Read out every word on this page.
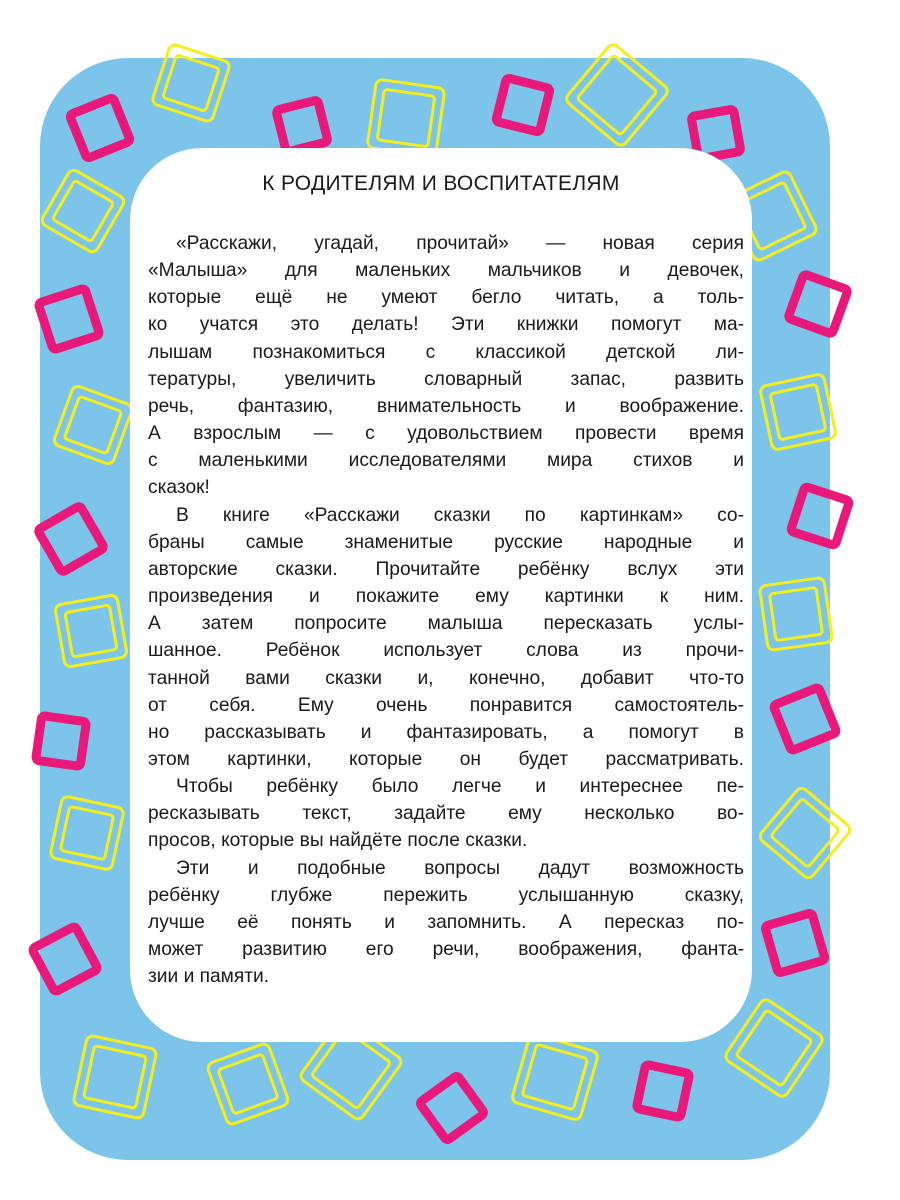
К РОДИТЕЛЯМ И ВОСПИТАТЕЛЯМ
«Расскажи, угадай, прочитай» — новая серия
«Малыша» для маленьких мальчиков и девочек,
которые ещё не умеют бегло читать, а толь-
ко учатся это делать! Эти книжки помогут ма-
лышам познакомиться с классикой детской ли-
тературы, увеличить словарный запас, развить
речь, фантазию, внимательность и воображение.
А взрослым — с удовольствием провести время
с маленькими исследователями мира стихов и
сказок!
В книге «Расскажи сказки по картинкам» со-
браны самые знаменитые русские народные и
авторские сказки. Прочитайте ребёнку вслух эти
произведения и покажите ему картинки к ним.
А затем попросите малыша пересказать услы-
шанное. Ребёнок использует слова из прочи-
танной вами сказки и, конечно, добавит что-то
от себя. Ему очень понравится самостоятель-
но рассказывать и фантазировать, а помогут в
этом картинки, которые он будет рассматривать.
Чтобы ребёнку было легче и интереснее пе-
ресказывать текст, задайте ему несколько во-
просов, которые вы найдёте после сказки.
Эти и подобные вопросы дадут возможность
ребёнку глубже пережить услышанную сказку,
лучше её понять и запомнить. А пересказ по-
может развитию его речи, воображения, фанта-
зии и памяти.
